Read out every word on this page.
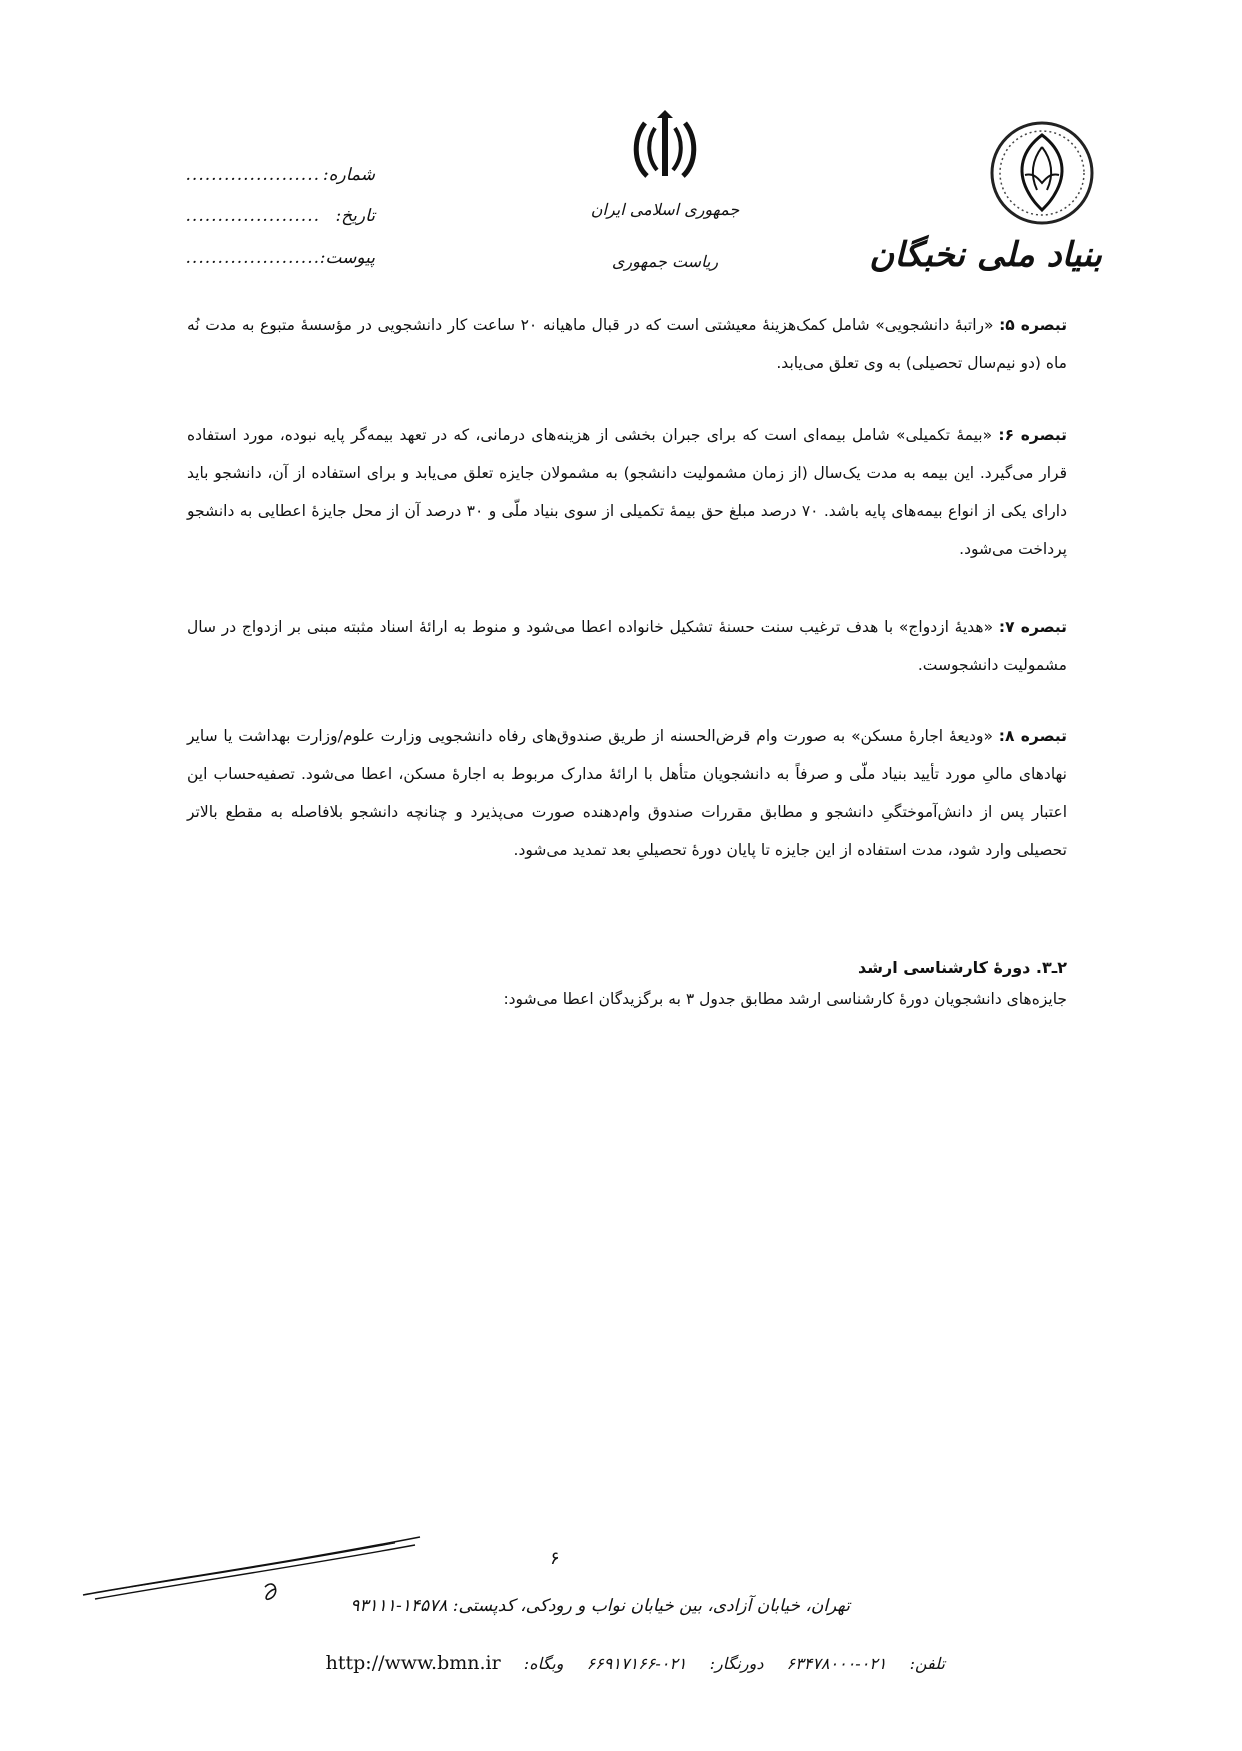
بنیاد ملی نخبگان
جمهوری اسلامی ایران
ریاست جمهوری
شماره:.....................
تاریخ:.....................
پیوست:.....................
تبصره ۵: «راتبهٔ دانشجویی» شامل کمک‌هزینهٔ معیشتی است که در قبال ماهیانه ۲۰ ساعت کار دانشجویی در مؤسسهٔ متبوع به مدت نُه ماه (دو نیم‌سال تحصیلی) به وی تعلق می‌یابد.
تبصره ۶: «بیمهٔ تکمیلی» شامل بیمه‌ای است که برای جبران بخشی از هزینه‌های درمانی، که در تعهد بیمه‌گر پایه نبوده، مورد استفاده قرار می‌گیرد. این بیمه به مدت یک‌سال (از زمان مشمولیت دانشجو) به مشمولان جایزه تعلق می‌یابد و برای استفاده از آن، دانشجو باید دارای یکی از انواع بیمه‌های پایه باشد. ۷۰ درصد مبلغ حق بیمهٔ تکمیلی از سوی بنیاد ملّی و ۳۰ درصد آن از محل جایزهٔ اعطایی به دانشجو پرداخت می‌شود.
تبصره ۷: «هدیهٔ ازدواج» با هدف ترغیب سنت حسنهٔ تشکیل خانواده اعطا می‌شود و منوط به ارائهٔ اسناد مثبته مبنی بر ازدواج در سال مشمولیت دانشجوست.
تبصره ۸: «ودیعهٔ اجارهٔ مسکن» به صورت وام قرض‌الحسنه از طریق صندوق‌های رفاه دانشجویی وزارت علوم/وزارت بهداشت یا سایر نهادهای مالیِ مورد تأیید بنیاد ملّی و صرفاً به دانشجویان متأهل با ارائهٔ مدارک مربوط به اجارهٔ مسکن، اعطا می‌شود. تصفیه‌حساب این اعتبار پس از دانش‌آموختگیِ دانشجو و مطابق مقررات صندوق وام‌دهنده صورت می‌پذیرد و چنانچه دانشجو بلافاصله به مقطع بالاتر تحصیلی وارد شود، مدت استفاده از این جایزه تا پایان دورهٔ تحصیلیِ بعد تمدید می‌شود.
۲ـ۳. دورهٔ کارشناسی ارشد
جایزه‌های دانشجویان دورهٔ کارشناسی ارشد مطابق جدول ۳ به برگزیدگان اعطا می‌شود:
۶
تهران، خیابان آزادی، بین خیابان نواب و رودکی، کدپستی: ۱۴۵۷۸-۹۳۱۱۱
تلفن: ۰۲۱-۶۳۴۷۸۰۰۰ دورنگار: ۰۲۱-۶۶۹۱۷۱۶۶ وبگاه: http://www.bmn.ir
